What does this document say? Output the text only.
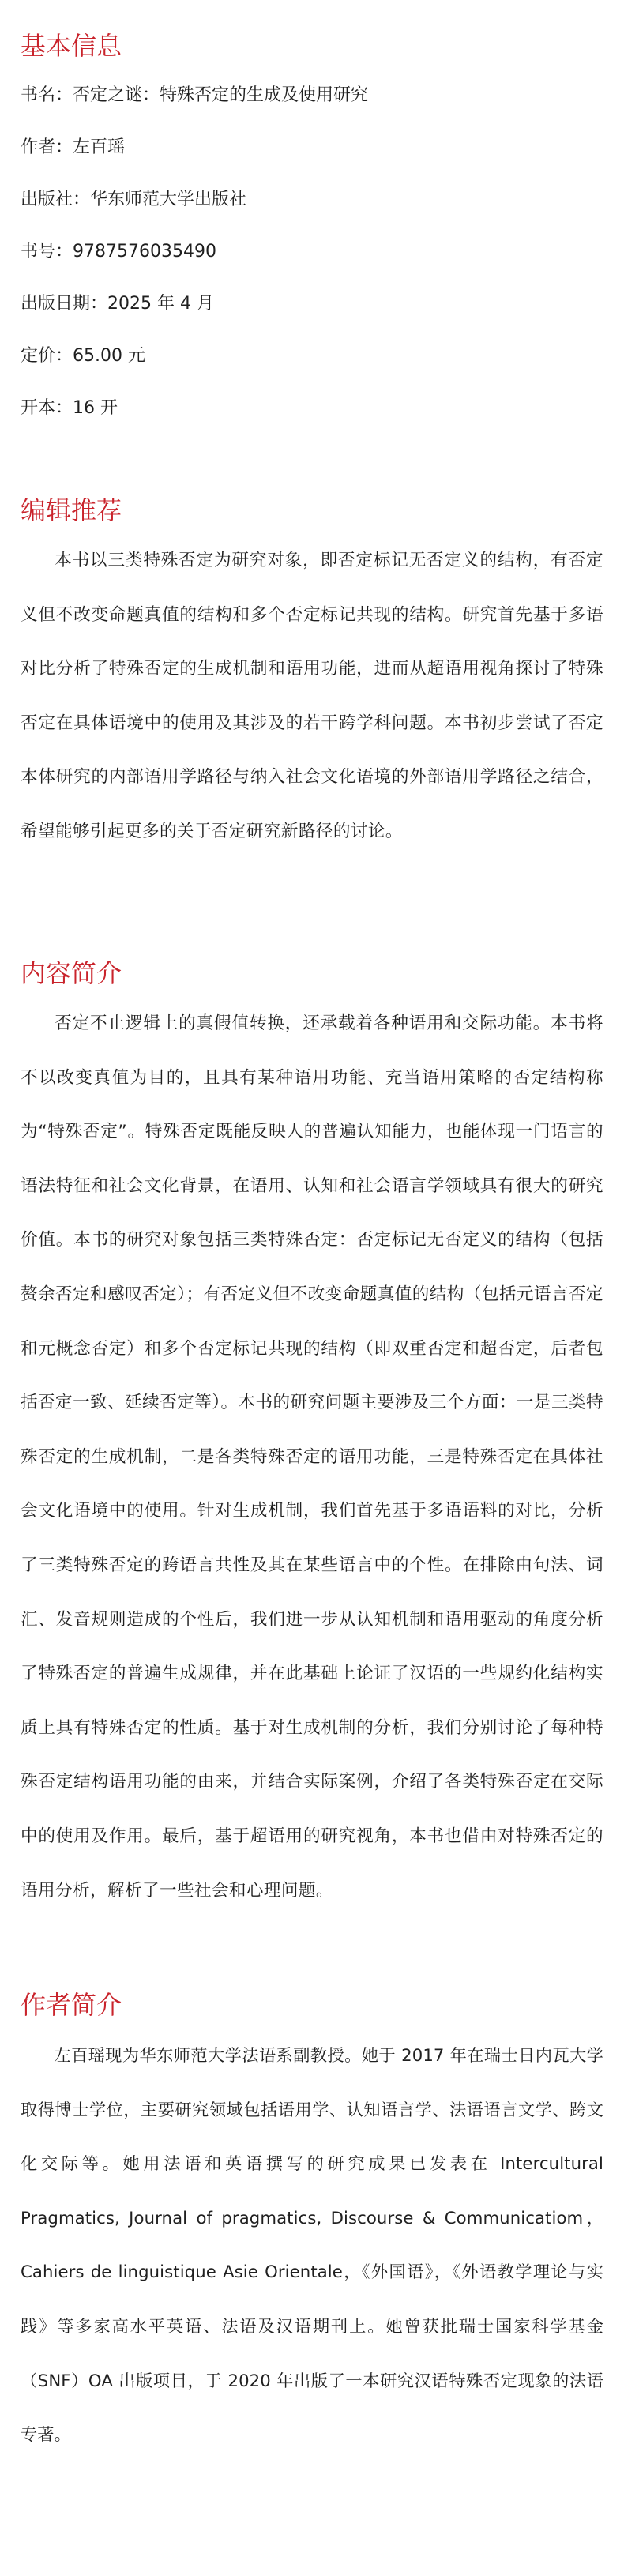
基本信息
书名：否定之谜：特殊否定的生成及使用研究
作者：左百瑶
出版社：华东师范大学出版社
书号：9787576035490
出版日期：2025 年 4 月
定价：65.00 元
开本：16 开
编辑推荐

本书以三类特殊否定为研究对象，即否定标记无否定义的结构，有否定义但不改变命题真值的结构和多个否定标记共现的结构。研究首先基于多语对比分析了特殊否定的生成机制和语用功能，进而从超语用视角探讨了特殊否定在具体语境中的使用及其涉及的若干跨学科问题。本书初步尝试了否定本体研究的内部语用学路径与纳入社会文化语境的外部语用学路径之结合，希望能够引起更多的关于否定研究新路径的讨论。

内容简介

否定不止逻辑上的真假值转换，还承载着各种语用和交际功能。本书将不以改变真值为目的，且具有某种语用功能、充当语用策略的否定结构称为“特殊否定”。特殊否定既能反映人的普遍认知能力，也能体现一门语言的语法特征和社会文化背景，在语用、认知和社会语言学领域具有很大的研究价值。本书的研究对象包括三类特殊否定：否定标记无否定义的结构（包括赘余否定和感叹否定）；有否定义但不改变命题真值的结构（包括元语言否定和元概念否定）和多个否定标记共现的结构（即双重否定和超否定，后者包括否定一致、延续否定等）。本书的研究问题主要涉及三个方面：一是三类特殊否定的生成机制，二是各类特殊否定的语用功能，三是特殊否定在具体社会文化语境中的使用。针对生成机制，我们首先基于多语语料的对比，分析了三类特殊否定的跨语言共性及其在某些语言中的个性。在排除由句法、词汇、发音规则造成的个性后，我们进一步从认知机制和语用驱动的角度分析了特殊否定的普遍生成规律，并在此基础上论证了汉语的一些规约化结构实质上具有特殊否定的性质。基于对生成机制的分析，我们分别讨论了每种特殊否定结构语用功能的由来，并结合实际案例，介绍了各类特殊否定在交际中的使用及作用。最后，基于超语用的研究视角，本书也借由对特殊否定的语用分析，解析了一些社会和心理问题。

作者简介

左百瑶现为华东师范大学法语系副教授。她于 2017 年在瑞士日内瓦大学取得博士学位，主要研究领域包括语用学、认知语言学、法语语言文学、跨文化交际等。她用法语和英语撰写的研究成果已发表在 Intercultural Pragmatics, Journal of pragmatics, Discourse & Communicatiom，Cahiers de linguistique Asie Orientale，《外国语》，《外语教学理论与实践》等多家高水平英语、法语及汉语期刊上。她曾获批瑞士国家科学基金（SNF）OA 出版项目，于 2020 年出版了一本研究汉语特殊否定现象的法语专著。
